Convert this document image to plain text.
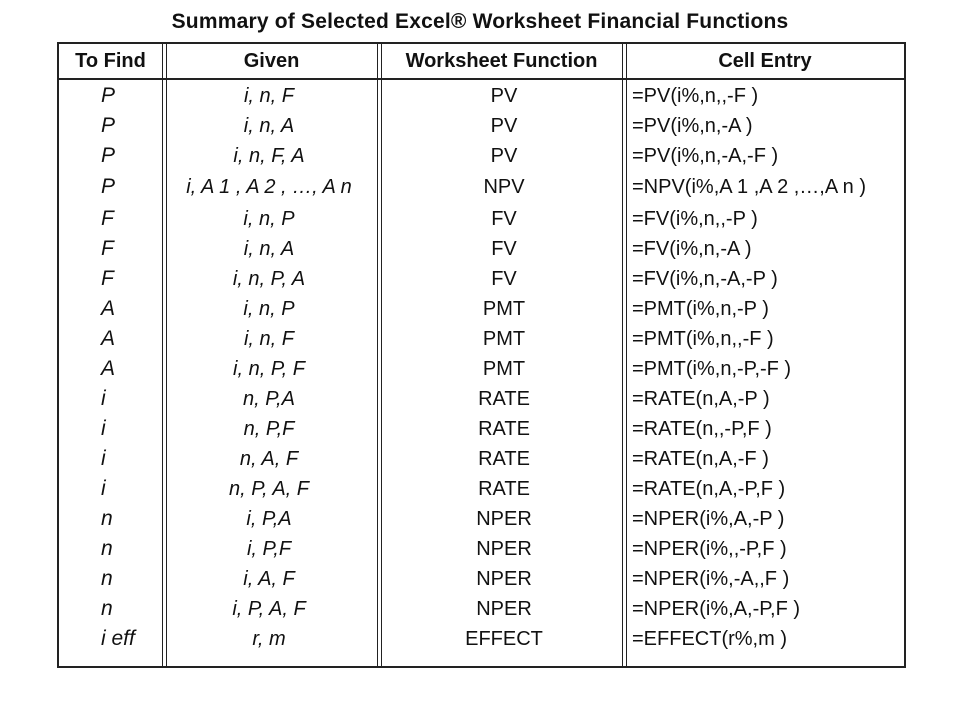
Summary of Selected Excel® Worksheet Financial Functions
To Find	Given	Worksheet Function	Cell Entry
P	i, n, F	PV	=PV(i%,n,,-F )
P	i, n, A	PV	=PV(i%,n,-A )
P	i, n, F, A	PV	=PV(i%,n,-A,-F )
P	i, A 1 , A 2 , …, A n	NPV	=NPV(i%,A 1 ,A 2 ,…,A n )
F	i, n, P	FV	=FV(i%,n,,-P )
F	i, n, A	FV	=FV(i%,n,-A )
F	i, n, P, A	FV	=FV(i%,n,-A,-P )
A	i, n, P	PMT	=PMT(i%,n,-P )
A	i, n, F	PMT	=PMT(i%,n,,-F )
A	i, n, P, F	PMT	=PMT(i%,n,-P,-F )
i	n, P,A	RATE	=RATE(n,A,-P )
i	n, P,F	RATE	=RATE(n,,-P,F )
i	n, A, F	RATE	=RATE(n,A,-F )
i	n, P, A, F	RATE	=RATE(n,A,-P,F )
n	i, P,A	NPER	=NPER(i%,A,-P )
n	i, P,F	NPER	=NPER(i%,,-P,F )
n	i, A, F	NPER	=NPER(i%,-A,,F )
n	i, P, A, F	NPER	=NPER(i%,A,-P,F )
i eff	r, m	EFFECT	=EFFECT(r%,m )
